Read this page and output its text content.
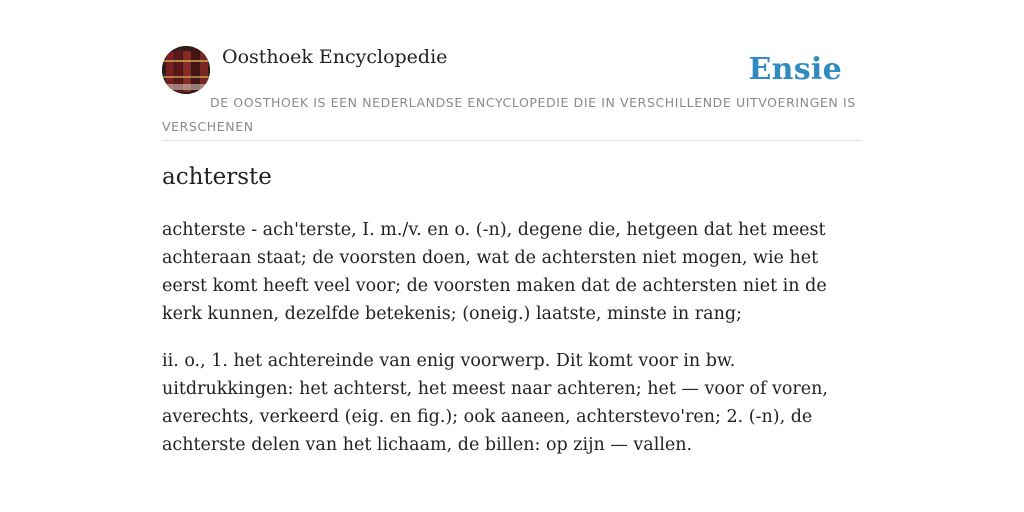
Oosthoek Encyclopedie	Ensie

DE OOSTHOEK IS EEN NEDERLANDSE ENCYCLOPEDIE DIE IN VERSCHILLENDE UITVOERINGEN IS VERSCHENEN

achterste

achterste - ach'terste, I. m./v. en o. (-n), degene die, hetgeen dat het meest achteraan staat; de voorsten doen, wat de achtersten niet mogen, wie het eerst komt heeft veel voor; de voorsten maken dat de achtersten niet in de kerk kunnen, dezelfde betekenis; (oneig.) laatste, minste in rang;

ii. o., 1. het achtereinde van enig voorwerp. Dit komt voor in bw. uitdrukkingen: het achterst, het meest naar achteren; het — voor of voren, averechts, verkeerd (eig. en fig.); ook aaneen, achterstevo'ren; 2. (-n), de achterste delen van het lichaam, de billen: op zijn — vallen.
